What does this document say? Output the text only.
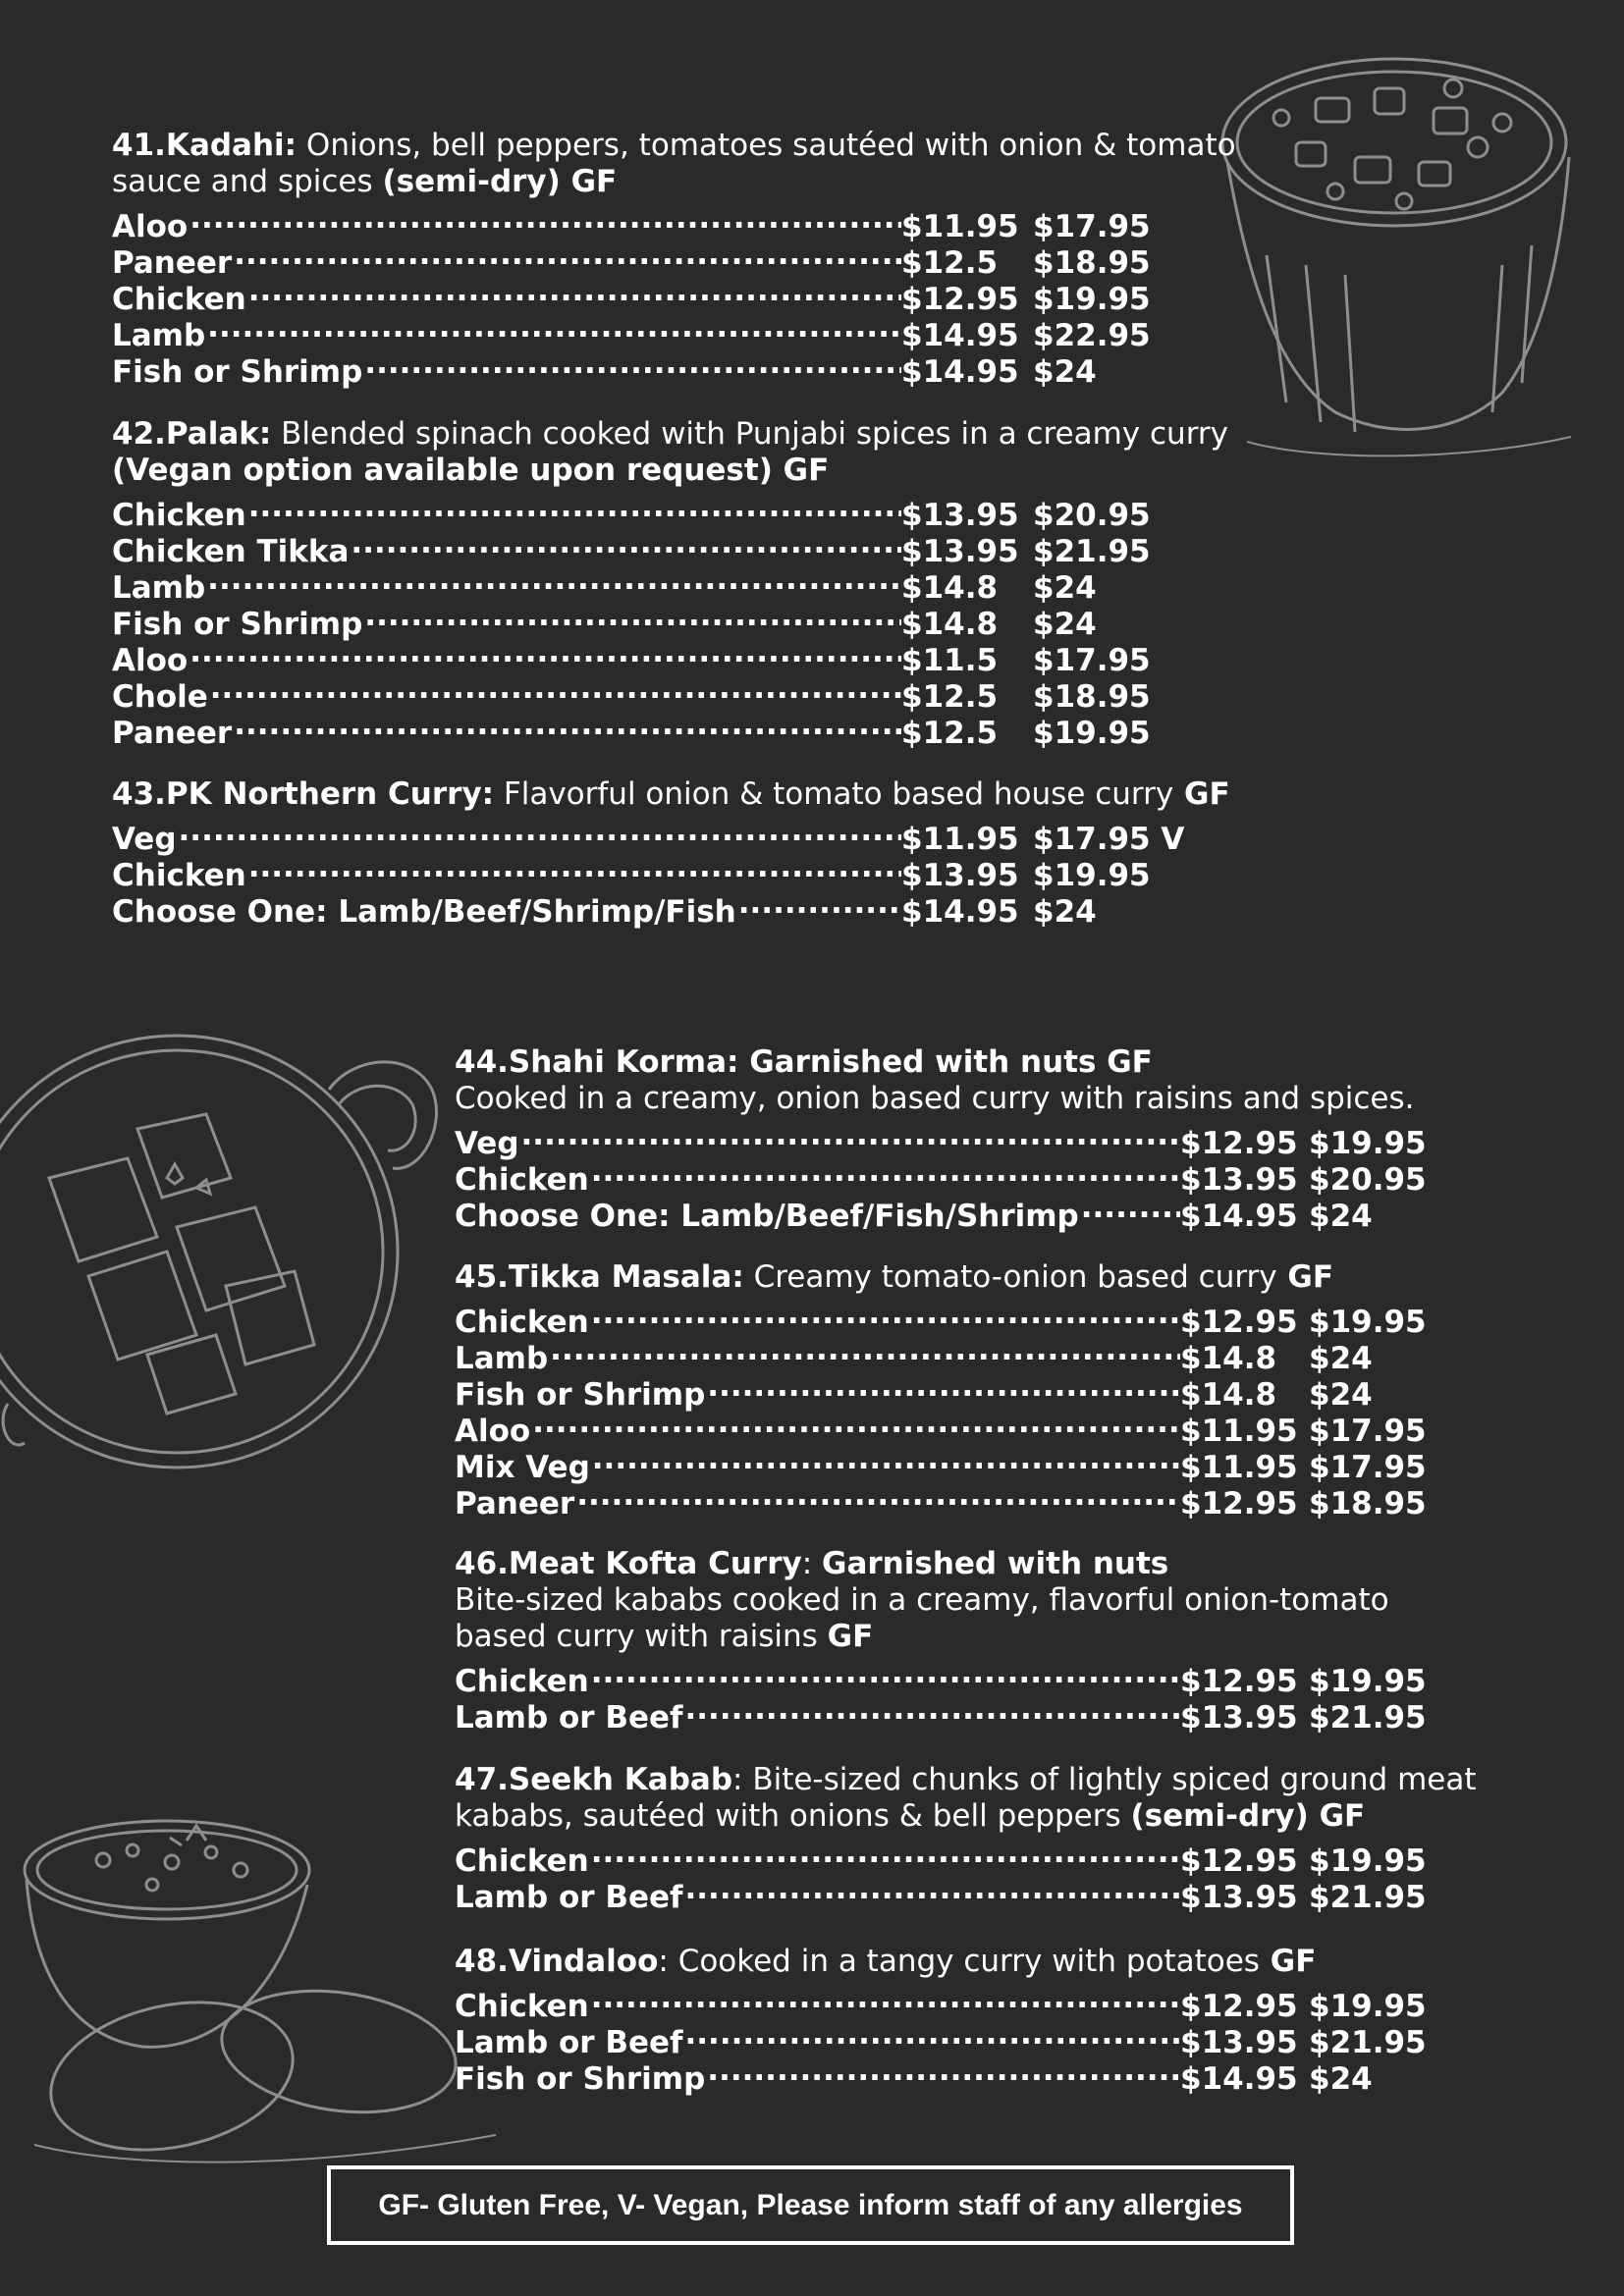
41.Kadahi: Onions, bell peppers, tomatoes sautéed with onion & tomato
sauce and spices (semi-dry) GF
Aloo .....	$11.95 $17.95
Paneer .....	$12.5	$18.95
Chicken .....	$12.95 $19.95
Lamb .....	$14.95 $22.95
Fish or Shrimp .....	$14.95 $24
42.Palak: Blended spinach cooked with Punjabi spices in a creamy curry
(Vegan option available upon request) GF
Chicken .....	$13.95 $20.95
Chicken Tikka .....	$13.95 $21.95
Lamb .....	$14.8	$24
Fish or Shrimp .....	$14.8	$24
Aloo .....	$11.5	$17.95
Chole .....	$12.5	$18.95
Paneer .....	$12.5	$19.95
43.PK Northern Curry: Flavorful onion & tomato based house curry GF
Veg .....	$11.95 $17.95 V
Chicken .....	$13.95 $19.95
Choose One: Lamb/Beef/Shrimp/Fish .....	$14.95 $24
44.Shahi Korma: Garnished with nuts GF
Cooked in a creamy, onion based curry with raisins and spices.
Veg .....	$12.95 $19.95
Chicken .....	$13.95 $20.95
Choose One: Lamb/Beef/Fish/Shrimp .....	$14.95 $24
45.Tikka Masala: Creamy tomato-onion based curry GF
Chicken .....	$12.95 $19.95
Lamb .....	$14.8	$24
Fish or Shrimp .....	$14.8	$24
Aloo .....	$11.95 $17.95
Mix Veg .....	$11.95 $17.95
Paneer .....	$12.95 $18.95
46.Meat Kofta Curry: Garnished with nuts
Bite-sized kababs cooked in a creamy, flavorful onion-tomato
based curry with raisins GF
Chicken .....	$12.95 $19.95
Lamb or Beef .....	$13.95 $21.95
47.Seekh Kabab: Bite-sized chunks of lightly spiced ground meat
kababs, sautéed with onions & bell peppers (semi-dry) GF
Chicken .....	$12.95 $19.95
Lamb or Beef .....	$13.95 $21.95
48.Vindaloo: Cooked in a tangy curry with potatoes GF
Chicken .....	$12.95 $19.95
Lamb or Beef .....	$13.95 $21.95
Fish or Shrimp .....	$14.95 $24
GF- Gluten Free, V- Vegan, Please inform staff of any allergies
